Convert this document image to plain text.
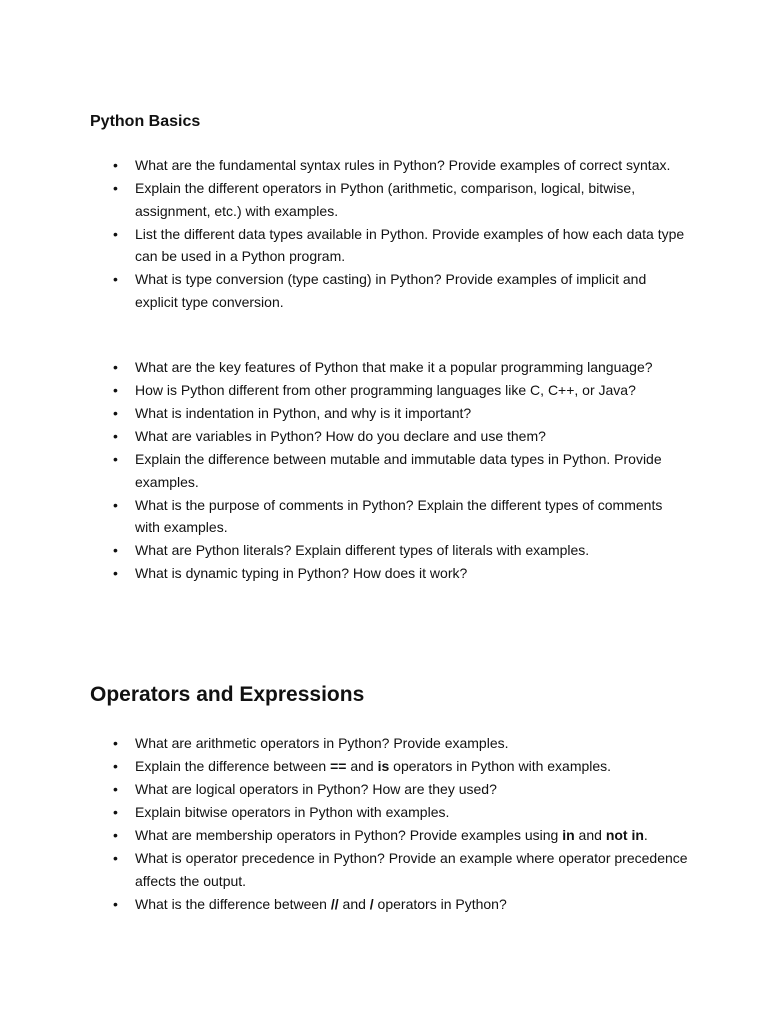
Python Basics
• What are the fundamental syntax rules in Python? Provide examples of correct syntax.
• Explain the different operators in Python (arithmetic, comparison, logical, bitwise, assignment, etc.) with examples.
• List the different data types available in Python. Provide examples of how each data type can be used in a Python program.
• What is type conversion (type casting) in Python? Provide examples of implicit and explicit type conversion.
• What are the key features of Python that make it a popular programming language?
• How is Python different from other programming languages like C, C++, or Java?
• What is indentation in Python, and why is it important?
• What are variables in Python? How do you declare and use them?
• Explain the difference between mutable and immutable data types in Python. Provide examples.
• What is the purpose of comments in Python? Explain the different types of comments with examples.
• What are Python literals? Explain different types of literals with examples.
• What is dynamic typing in Python? How does it work?
Operators and Expressions
• What are arithmetic operators in Python? Provide examples.
• Explain the difference between == and is operators in Python with examples.
• What are logical operators in Python? How are they used?
• Explain bitwise operators in Python with examples.
• What are membership operators in Python? Provide examples using in and not in.
• What is operator precedence in Python? Provide an example where operator precedence affects the output.
• What is the difference between // and / operators in Python?
